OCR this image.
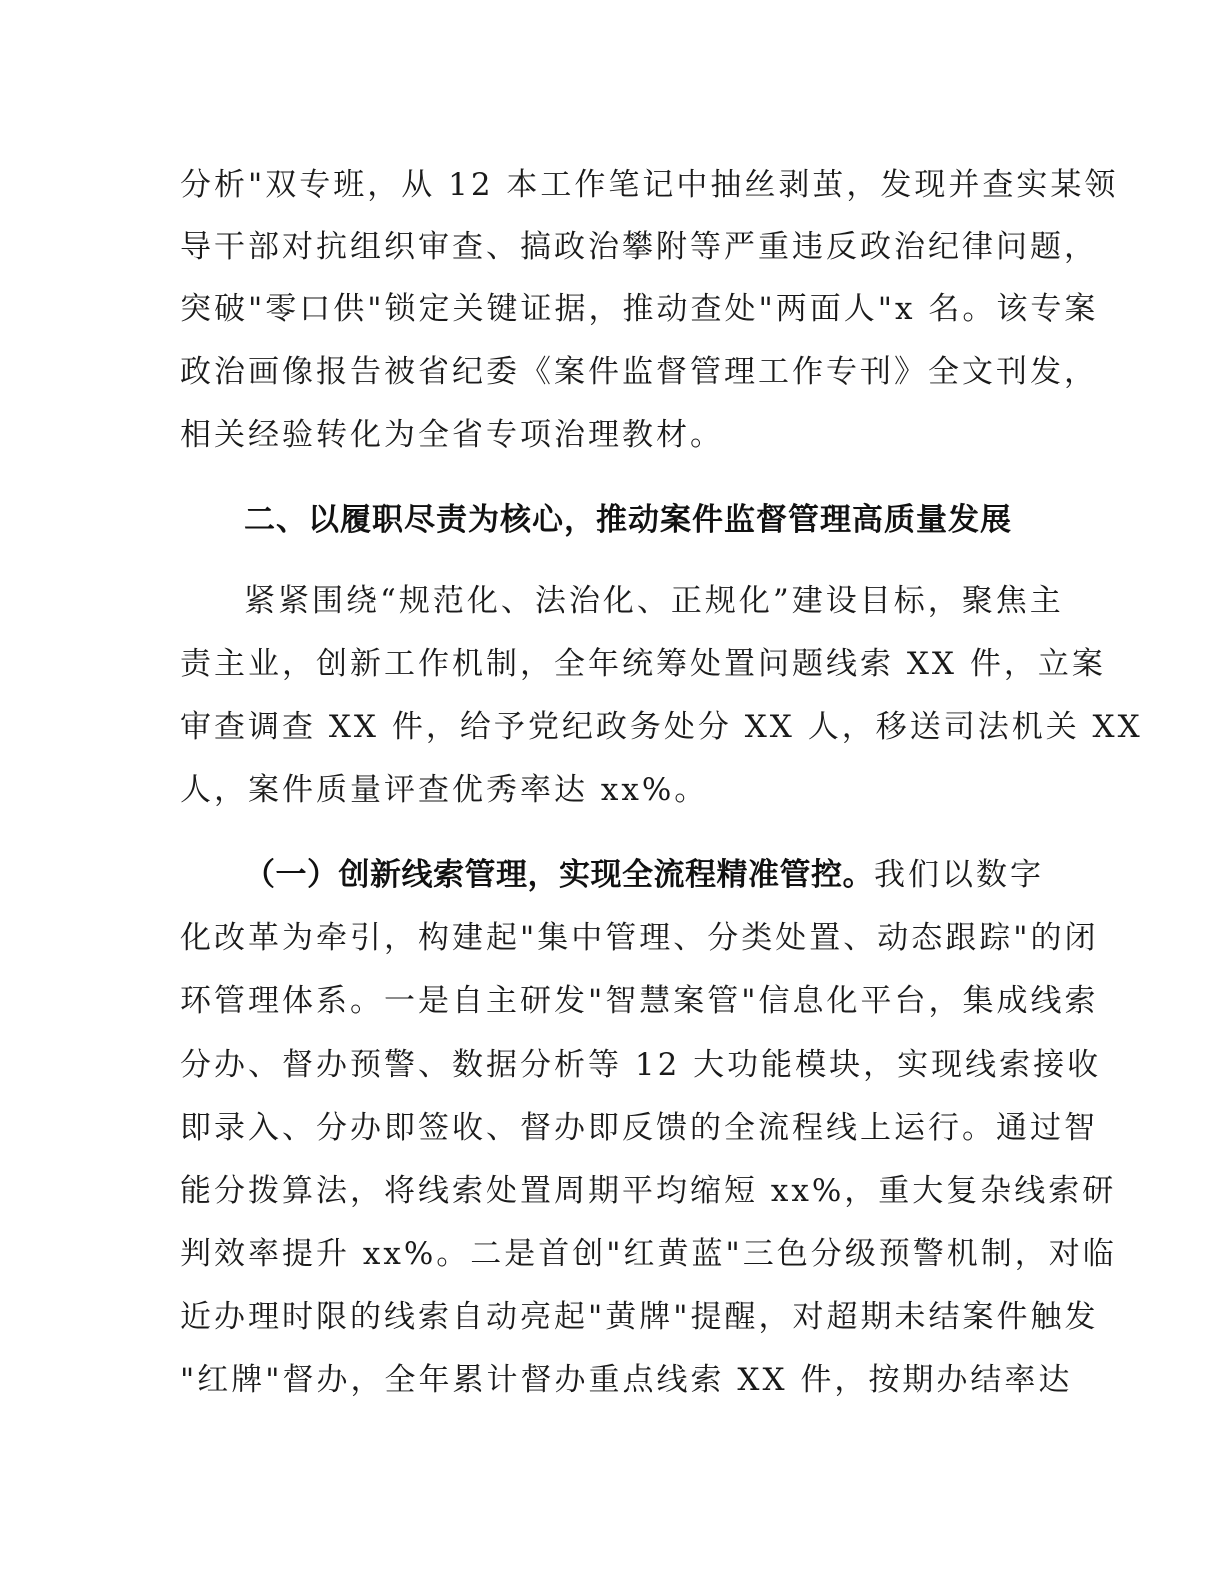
分析"双专班，从 12 本工作笔记中抽丝剥茧，发现并查实某领
导干部对抗组织审查、搞政治攀附等严重违反政治纪律问题，
突破"零口供"锁定关键证据，推动查处"两面人"x 名。该专案
政治画像报告被省纪委《案件监督管理工作专刊》全文刊发，
相关经验转化为全省专项治理教材。
二、以履职尽责为核心，推动案件监督管理高质量发展
紧紧围绕“规范化、法治化、正规化”建设目标，聚焦主
责主业，创新工作机制，全年统筹处置问题线索 XX 件，立案
审查调查 XX 件，给予党纪政务处分 XX 人，移送司法机关 XX
人，案件质量评查优秀率达 xx%。
（一）创新线索管理，实现全流程精准管控。我们以数字
化改革为牵引，构建起"集中管理、分类处置、动态跟踪"的闭
环管理体系。一是自主研发"智慧案管"信息化平台，集成线索
分办、督办预警、数据分析等 12 大功能模块，实现线索接收
即录入、分办即签收、督办即反馈的全流程线上运行。通过智
能分拨算法，将线索处置周期平均缩短 xx%，重大复杂线索研
判效率提升 xx%。二是首创"红黄蓝"三色分级预警机制，对临
近办理时限的线索自动亮起"黄牌"提醒，对超期未结案件触发
"红牌"督办，全年累计督办重点线索 XX 件，按期办结率达
